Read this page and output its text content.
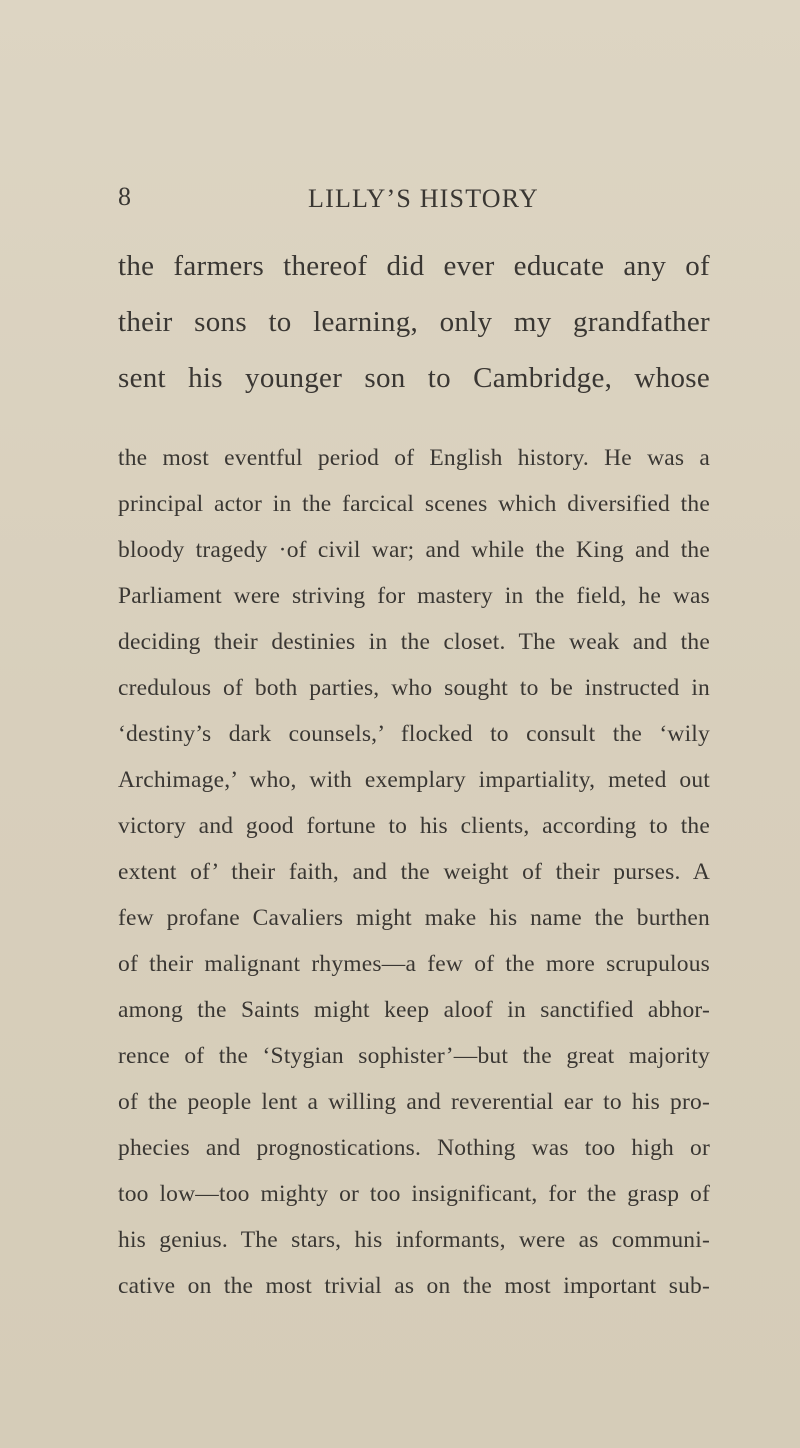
8	LILLY’S HISTORY
the farmers thereof did ever educate any of
their sons to learning, only my grandfather
sent his younger son to Cambridge, whose
the most eventful period of English history. He was a
principal actor in the farcical scenes which diversified the
bloody tragedy ·of civil war; and while the King and the
Parliament were striving for mastery in the field, he was
deciding their destinies in the closet. The weak and the
credulous of both parties, who sought to be instructed in
‘destiny’s dark counsels,’ flocked to consult the ‘wily
Archimage,’ who, with exemplary impartiality, meted out
victory and good fortune to his clients, according to the
extent of’ their faith, and the weight of their purses. A
few profane Cavaliers might make his name the burthen
of their malignant rhymes—a few of the more scrupulous
among the Saints might keep aloof in sanctified abhor-
rence of the ‘Stygian sophister’—but the great majority
of the people lent a willing and reverential ear to his pro-
phecies and prognostications. Nothing was too high or
too low—too mighty or too insignificant, for the grasp of
his genius. The stars, his informants, were as communi-
cative on the most trivial as on the most important sub-
